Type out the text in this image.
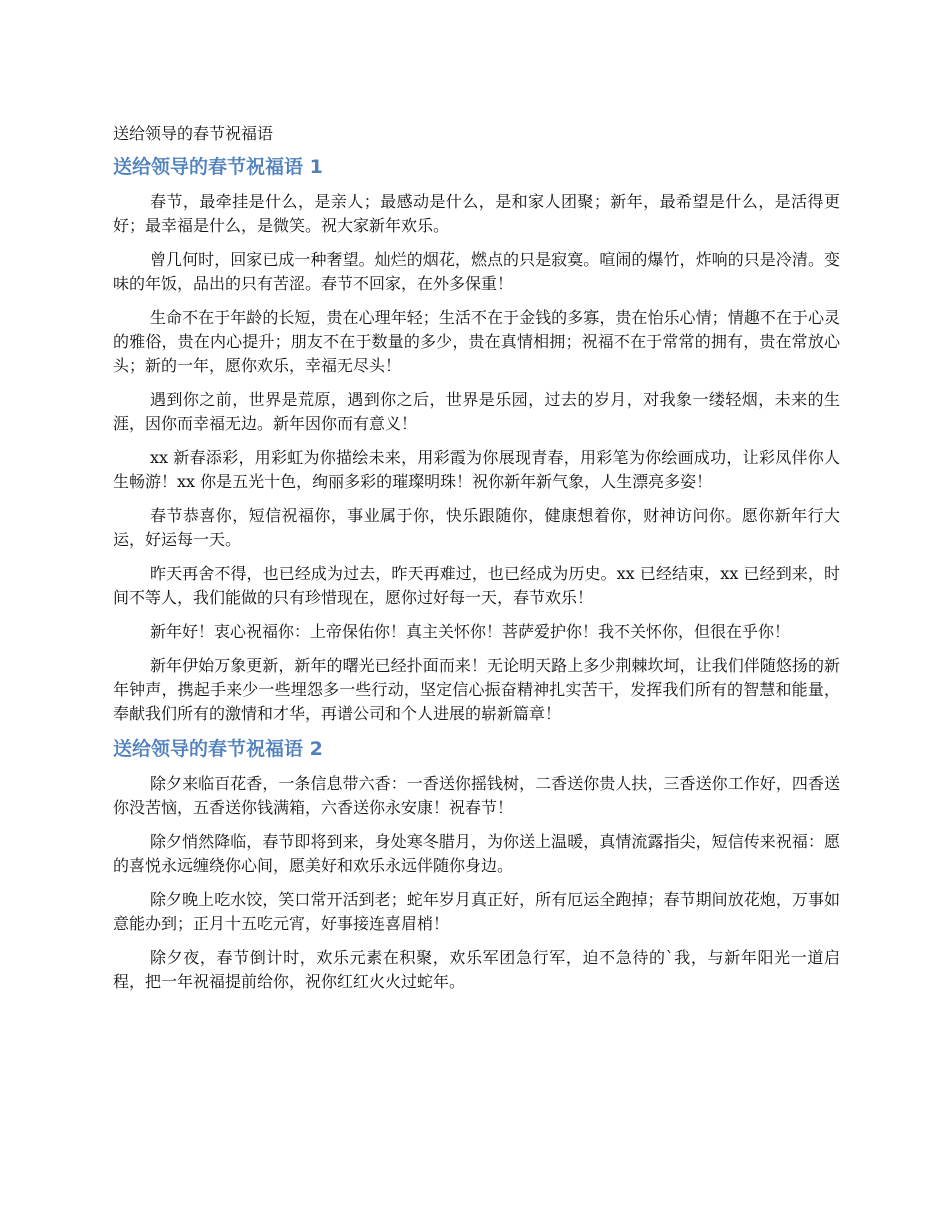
送给领导的春节祝福语
送给领导的春节祝福语 1

春节，最牵挂是什么，是亲人；最感动是什么，是和家人团聚；新年，最希望是什么，是活得更好；最幸福是什么，是微笑。祝大家新年欢乐。

曾几何时，回家已成一种奢望。灿烂的烟花，燃点的只是寂寞。喧闹的爆竹，炸响的只是冷清。变味的年饭，品出的只有苦涩。春节不回家，在外多保重！

生命不在于年龄的长短，贵在心理年轻；生活不在于金钱的多寡，贵在怡乐心情；情趣不在于心灵的雅俗，贵在内心提升；朋友不在于数量的多少，贵在真情相拥；祝福不在于常常的拥有，贵在常放心头；新的一年，愿你欢乐，幸福无尽头！

遇到你之前，世界是荒原，遇到你之后，世界是乐园，过去的岁月，对我象一缕轻烟，未来的生涯，因你而幸福无边。新年因你而有意义！

xx 新春添彩，用彩虹为你描绘未来，用彩霞为你展现青春，用彩笔为你绘画成功，让彩凤伴你人生畅游！xx 你是五光十色，绚丽多彩的璀璨明珠！祝你新年新气象，人生漂亮多姿！

春节恭喜你，短信祝福你，事业属于你，快乐跟随你，健康想着你，财神访问你。愿你新年行大运，好运每一天。

昨天再舍不得，也已经成为过去，昨天再难过，也已经成为历史。xx 已经结束，xx 已经到来，时间不等人，我们能做的只有珍惜现在，愿你过好每一天，春节欢乐！

新年好！衷心祝福你：上帝保佑你！真主关怀你！菩萨爱护你！我不关怀你，但很在乎你！

新年伊始万象更新，新年的曙光已经扑面而来！无论明天路上多少荆棘坎坷，让我们伴随悠扬的新年钟声，携起手来少一些埋怨多一些行动，坚定信心振奋精神扎实苦干，发挥我们所有的智慧和能量，奉献我们所有的激情和才华，再谱公司和个人进展的崭新篇章！

送给领导的春节祝福语 2

除夕来临百花香，一条信息带六香：一香送你摇钱树，二香送你贵人扶，三香送你工作好，四香送你没苦恼，五香送你钱满箱，六香送你永安康！祝春节！

除夕悄然降临，春节即将到来，身处寒冬腊月，为你送上温暖，真情流露指尖，短信传来祝福：愿的喜悦永远缠绕你心间，愿美好和欢乐永远伴随你身边。

除夕晚上吃水饺，笑口常开活到老；蛇年岁月真正好，所有厄运全跑掉；春节期间放花炮，万事如意能办到；正月十五吃元宵，好事接连喜眉梢！

除夕夜，春节倒计时，欢乐元素在积聚，欢乐军团急行军，迫不急待的`我，与新年阳光一道启程，把一年祝福提前给你，祝你红红火火过蛇年。
